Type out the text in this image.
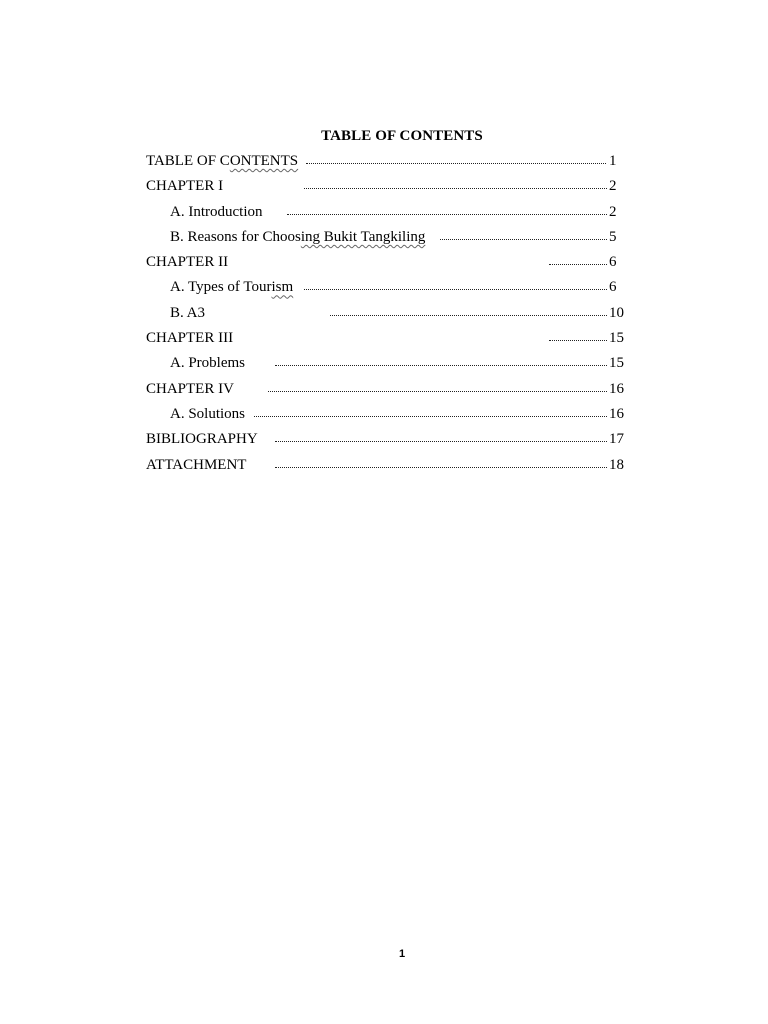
TABLE OF CONTENTS
TABLE OF CONTENTS	1
CHAPTER I	2
A. Introduction	2
B. Reasons for Choosing Bukit Tangkiling	5
CHAPTER II	6
A. Types of Tourism	6
B. A3	10
CHAPTER III	15
A. Problems	15
CHAPTER IV	16
A. Solutions	16
BIBLIOGRAPHY	17
ATTACHMENT	18
1
